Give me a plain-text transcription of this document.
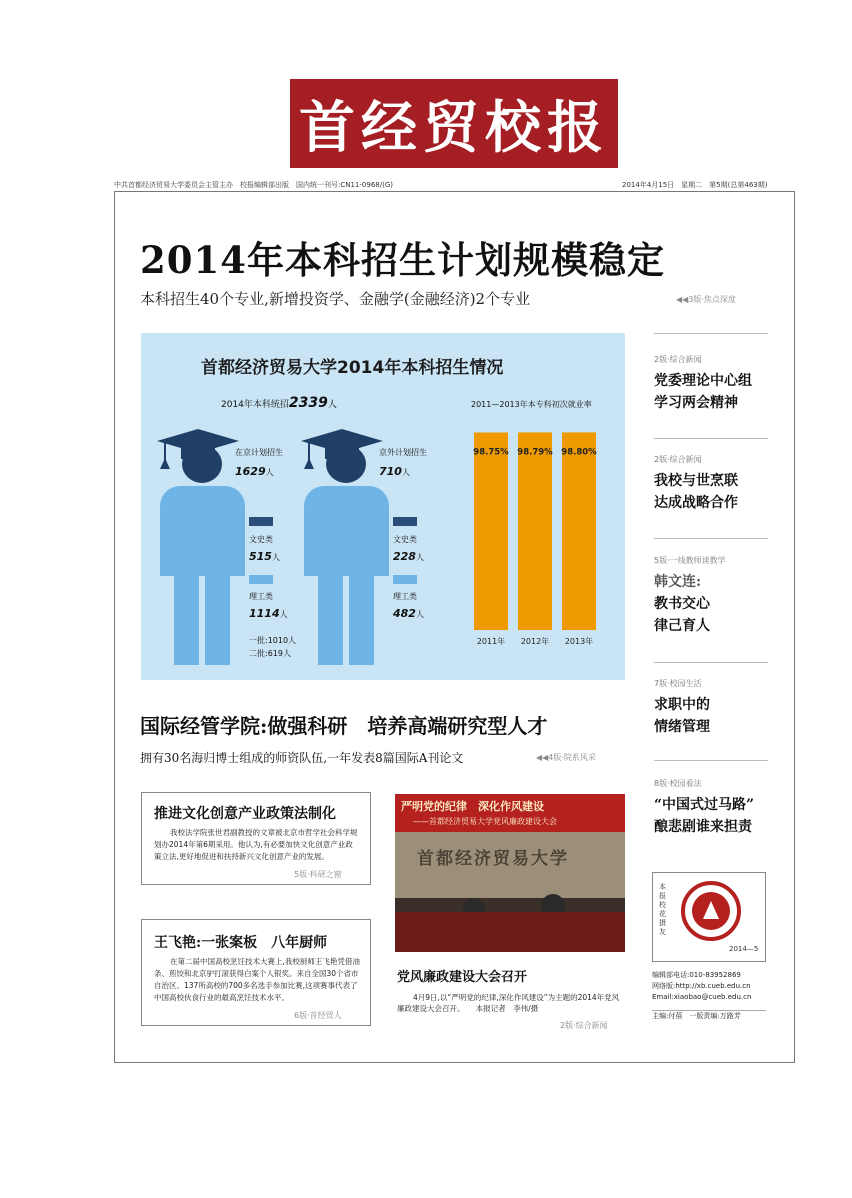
首经贸校报
中共首都经济贸易大学委员会主管主办　校报编辑部出版　国内统一刊号:CN11-0968/(G)	2014年4月15日　星期二　第5期(总第463期)
2014年本科招生计划规模稳定
本科招生40个专业,新增投资学、金融学(金融经济)2个专业	◀◀3版·焦点深度
首都经济贸易大学2014年本科招生情况
2014年本科统招2339人
在京计划招生
1629人
文史类
515人
理工类
1114人
一批:1010人
二批:619人
京外计划招生
710人
文史类
228人
理工类
482人
98.75%
2011年
98.79%
2012年
98.80%
2013年
2011—2013年本专科初次就业率
2版·综合新闻
党委理论中心组
学习两会精神
2版·综合新闻
我校与世烹联
达成战略合作
5版·一线教师谈教学
韩文连:
教书交心
律己育人
7版·校园生活
求职中的
情绪管理
8版·校园看法
“中国式过马路”
酿悲剧谁来担责
国际经管学院:做强科研　培养高端研究型人才
拥有30名海归博士组成的师资队伍,一年发表8篇国际A刊论文	◀◀4版·院系风采
推进文化创意产业政策法制化
我校法学院张世君副教授的文章被北京市哲学社会科学规划办2014年第6期采用。他认为,有必要加快文化创意产业政策立法,更好地促进和扶持新兴文化创意产业的发展。
5版·科研之窗
王飞艳:一张案板　八年厨师
在第二届中国高校烹饪技术大赛上,我校厨师王飞艳凭借油条、煎饺和北京驴打滚获得白案个人银奖。来自全国30个省市自治区、137所高校的700多名选手参加比赛,这项赛事代表了中国高校伙食行业的最高烹饪技术水平。
6版·首经贸人
严明党的纪律　深化作风建设
——首都经济贸易大学党风廉政建设大会
首都经济贸易大学
党风廉政建设大会召开
4月9日,以“严明党的纪律,深化作风建设”为主题的2014年党风廉政建设大会召开。　　本报记者　李伟/摄
2版·综合新闻
本报校花摄友
2014—5
编辑部电话:010-83952869
网络版:http://xb.cueb.edu.cn
Email:xiaobao@cueb.edu.cn
主编:付蓓　一版责编:万路芳
